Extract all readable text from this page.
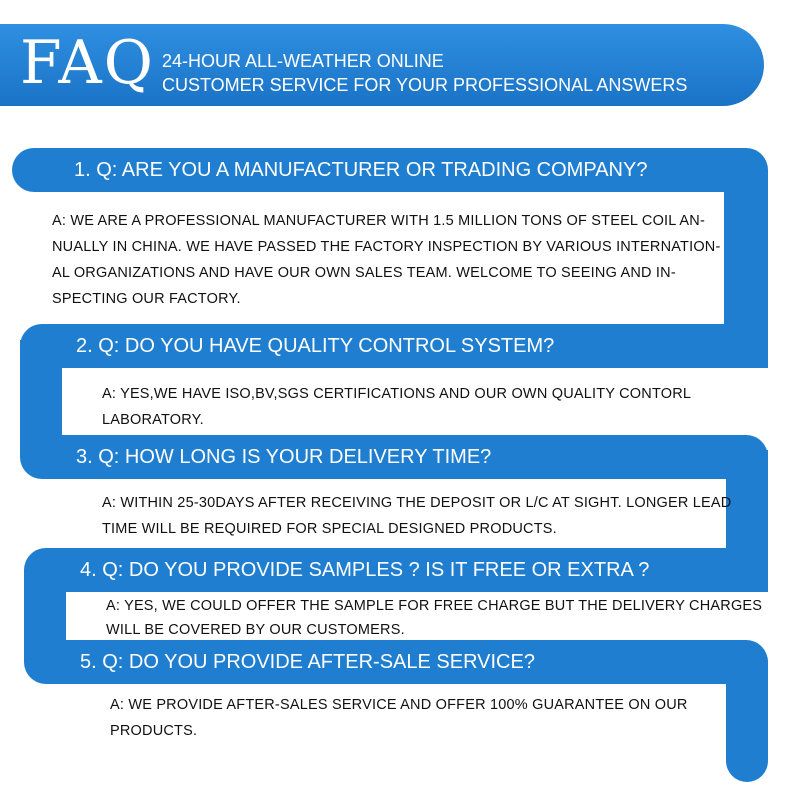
FAQ 24-HOUR ALL-WEATHER ONLINE
CUSTOMER SERVICE FOR YOUR PROFESSIONAL ANSWERS
1. Q: ARE YOU A MANUFACTURER OR TRADING COMPANY?
2. Q: DO YOU HAVE QUALITY CONTROL SYSTEM?
3. Q: HOW LONG IS YOUR DELIVERY TIME?
4. Q: DO YOU PROVIDE SAMPLES ? IS IT FREE OR EXTRA ?
5. Q: DO YOU PROVIDE AFTER-SALE SERVICE?
A: WE ARE A PROFESSIONAL MANUFACTURER WITH 1.5 MILLION TONS OF STEEL COIL AN-
NUALLY IN CHINA. WE HAVE PASSED THE FACTORY INSPECTION BY VARIOUS INTERNATION-
AL ORGANIZATIONS AND HAVE OUR OWN SALES TEAM. WELCOME TO SEEING AND IN-
SPECTING OUR FACTORY.
A: YES,WE HAVE ISO,BV,SGS CERTIFICATIONS AND OUR OWN QUALITY CONTORL
LABORATORY.
A: WITHIN 25-30DAYS AFTER RECEIVING THE DEPOSIT OR L/C AT SIGHT. LONGER LEAD
TIME WILL BE REQUIRED FOR SPECIAL DESIGNED PRODUCTS.
A: YES, WE COULD OFFER THE SAMPLE FOR FREE CHARGE BUT THE DELIVERY CHARGES
WILL BE COVERED BY OUR CUSTOMERS.
A: WE PROVIDE AFTER-SALES SERVICE AND OFFER 100% GUARANTEE ON OUR
PRODUCTS.
